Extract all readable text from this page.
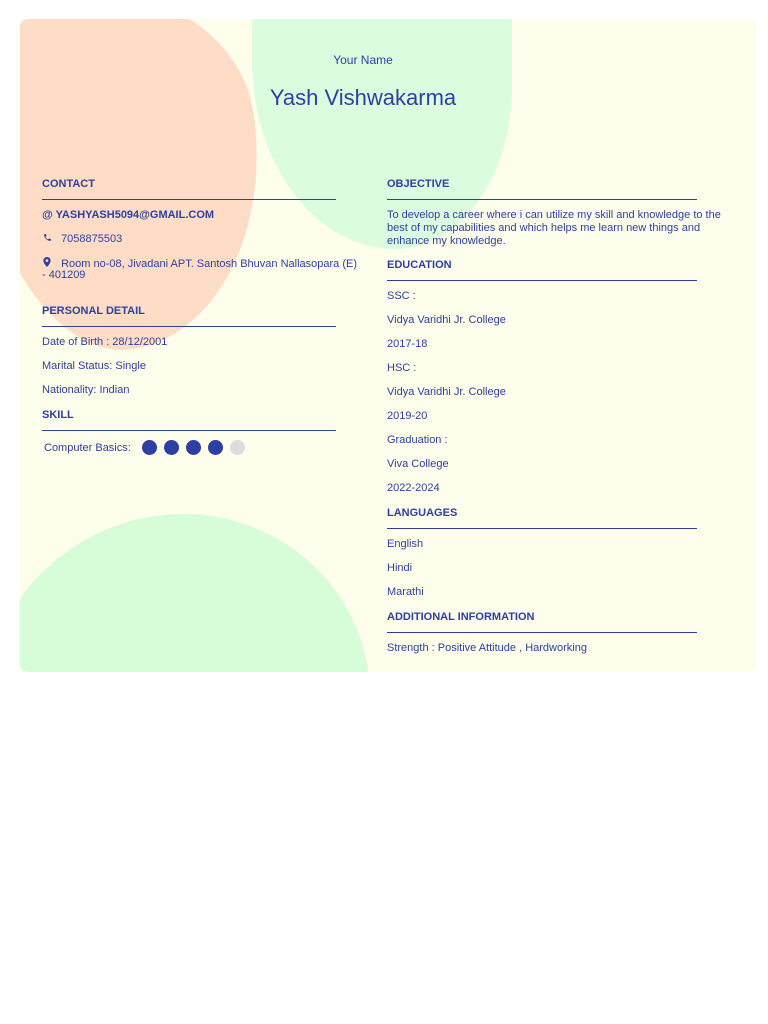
Your Name
Yash Vishwakarma
CONTACT
@ YASHYASH5094@GMAIL.COM
7058875503
Room no-08, Jivadani APT. Santosh Bhuvan Nallasopara (E) - 401209
PERSONAL DETAIL
Date of Birth : 28/12/2001
Marital Status: Single
Nationality: Indian
SKILL
Computer Basics:
OBJECTIVE
To develop a career where i can utilize my skill and knowledge to the best of my capabilities and which helps me learn new things and enhance my knowledge.
EDUCATION
SSC :
Vidya Varidhi Jr. College
2017-18
HSC :
Vidya Varidhi Jr. College
2019-20
Graduation :
Viva College
2022-2024
LANGUAGES
English
Hindi
Marathi
ADDITIONAL INFORMATION
Strength : Positive Attitude , Hardworking
